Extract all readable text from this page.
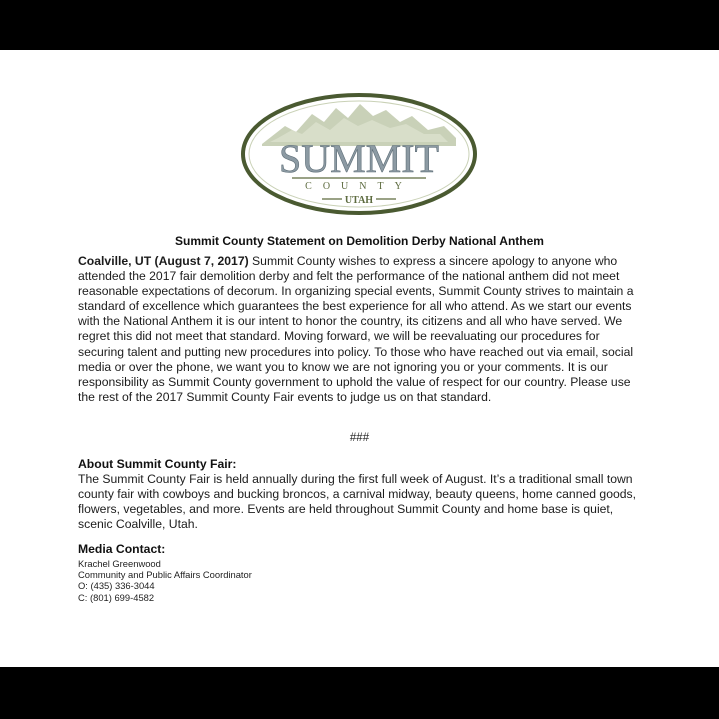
SUMMIT
COUNTY
UTAH
Summit County Statement on Demolition Derby National Anthem
Coalville, UT (August 7, 2017) Summit County wishes to express a sincere apology to anyone who attended the 2017 fair demolition derby and felt the performance of the national anthem did not meet reasonable expectations of decorum. In organizing special events, Summit County strives to maintain a standard of excellence which guarantees the best experience for all who attend. As we start our events with the National Anthem it is our intent to honor the country, its citizens and all who have served. We regret this did not meet that standard. Moving forward, we will be reevaluating our procedures for securing talent and putting new procedures into policy. To those who have reached out via email, social media or over the phone, we want you to know we are not ignoring you or your comments. It is our responsibility as Summit County government to uphold the value of respect for our country. Please use the rest of the 2017 Summit County Fair events to judge us on that standard.
###
About Summit County Fair:
The Summit County Fair is held annually during the first full week of August. It’s a traditional small town county fair with cowboys and bucking broncos, a carnival midway, beauty queens, home canned goods, flowers, vegetables, and more. Events are held throughout Summit County and home base is quiet, scenic Coalville, Utah.
Media Contact:
Krachel Greenwood
Community and Public Affairs Coordinator
O: (435) 336-3044
C: (801) 699-4582
